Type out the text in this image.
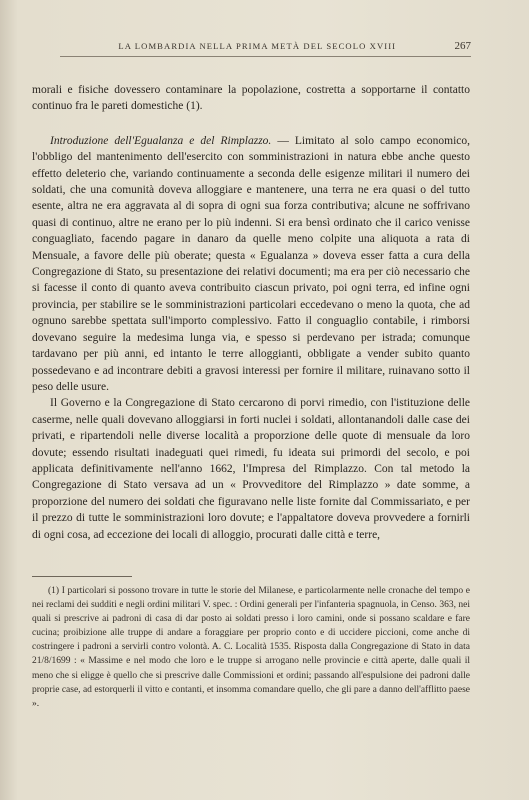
LA LOMBARDIA NELLA PRIMA METÀ DEL SECOLO XVIII	267

morali e fisiche dovessero contaminare la popolazione, costretta a sopportarne il contatto continuo fra le pareti domestiche (1).

Introduzione dell'Egualanza e del Rimplazzo. — Limitato al solo campo economico, l'obbligo del mantenimento dell'esercito con somministrazioni in natura ebbe anche questo effetto deleterio che, variando continuamente a seconda delle esigenze militari il numero dei soldati, che una comunità doveva alloggiare e mantenere, una terra ne era quasi o del tutto esente, altra ne era aggravata al di sopra di ogni sua forza contributiva; alcune ne soffrivano quasi di continuo, altre ne erano per lo più indenni. Si era bensì ordinato che il carico venisse conguagliato, facendo pagare in danaro da quelle meno colpite una aliquota a rata di Mensuale, a favore delle più oberate; questa « Egualanza » doveva esser fatta a cura della Congregazione di Stato, su presentazione dei relativi documenti; ma era per ciò necessario che si facesse il conto di quanto aveva contribuito ciascun privato, poi ogni terra, ed infine ogni provincia, per stabilire se le somministrazioni particolari eccedevano o meno la quota, che ad ognuno sarebbe spettata sull'importo complessivo. Fatto il conguaglio contabile, i rimborsi dovevano seguire la medesima lunga via, e spesso si perdevano per istrada; comunque tardavano per più anni, ed intanto le terre alloggianti, obbligate a vender subito quanto possedevano e ad incontrare debiti a gravosi interessi per fornire il militare, ruinavano sotto il peso delle usure.

Il Governo e la Congregazione di Stato cercarono di porvi rimedio, con l'istituzione delle caserme, nelle quali dovevano alloggiarsi in forti nuclei i soldati, allontanandoli dalle case dei privati, e ripartendoli nelle diverse località a proporzione delle quote di mensuale da loro dovute; essendo risultati inadeguati quei rimedi, fu ideata sui primordi del secolo, e poi applicata definitivamente nell'anno 1662, l'Impresa del Rimplazzo. Con tal metodo la Congregazione di Stato versava ad un « Provveditore del Rimplazzo » date somme, a proporzione del numero dei soldati che figuravano nelle liste fornite dal Commissariato, e per il prezzo di tutte le somministrazioni loro dovute; e l'appaltatore doveva provvedere a fornirli di ogni cosa, ad eccezione dei locali di alloggio, procurati dalle città e terre,

(1) I particolari si possono trovare in tutte le storie del Milanese, e particolarmente nelle cronache del tempo e nei reclami dei sudditi e negli ordini militari V. spec. : Ordini generali per l'infanteria spagnuola, in Censo. 363, nei quali si prescrive ai padroni di casa di dar posto ai soldati presso i loro camini, onde si possano scaldare e fare cucina; proibizione alle truppe di andare a foraggiare per proprio conto e di uccidere piccioni, come anche di costringere i padroni a servirli contro volontà. A. C. Località 1535. Risposta dalla Congregazione di Stato in data 21/8/1699 : « Massime e nel modo che loro e le truppe si arrogano nelle provincie e città aperte, dalle quali il meno che si eligge è quello che si prescrive dalle Commissioni et ordini; passando all'espulsione dei padroni dalle proprie case, ad estorquerli il vitto e contanti, et insomma comandare quello, che gli pare a danno dell'afflitto paese ».
